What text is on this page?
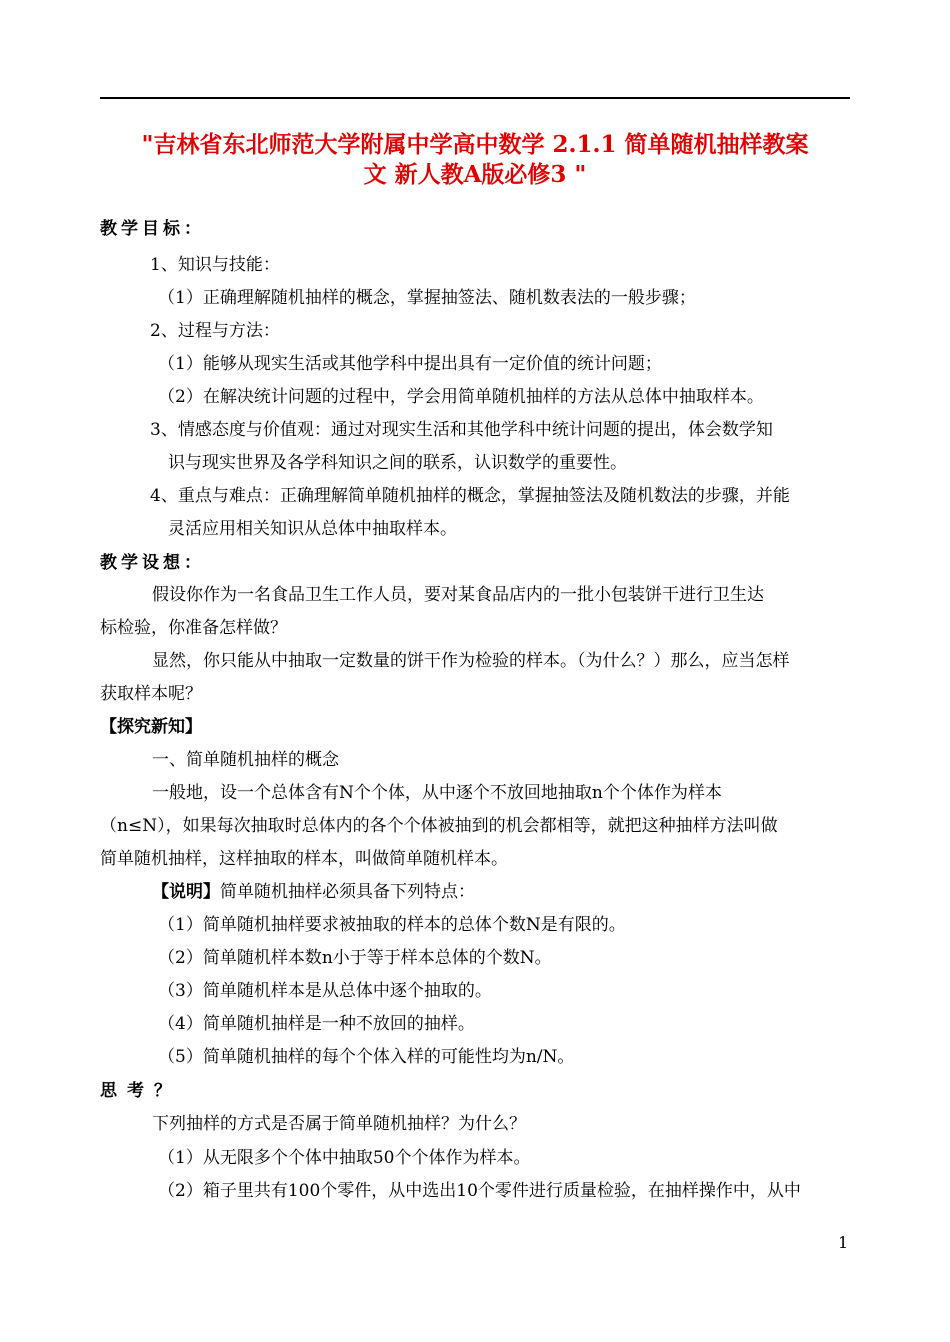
"吉林省东北师范大学附属中学高中数学 2.1.1 简单随机抽样教案
文 新人教A版必修3 "
教学目标：
1、知识与技能：
（1）正确理解随机抽样的概念，掌握抽签法、随机数表法的一般步骤；
2、过程与方法：
（1）能够从现实生活或其他学科中提出具有一定价值的统计问题；
（2）在解决统计问题的过程中，学会用简单随机抽样的方法从总体中抽取样本。
3、情感态度与价值观：通过对现实生活和其他学科中统计问题的提出，体会数学知
识与现实世界及各学科知识之间的联系，认识数学的重要性。
4、重点与难点：正确理解简单随机抽样的概念，掌握抽签法及随机数法的步骤，并能
灵活应用相关知识从总体中抽取样本。
教学设想：
假设你作为一名食品卫生工作人员，要对某食品店内的一批小包装饼干进行卫生达
标检验，你准备怎样做？
显然，你只能从中抽取一定数量的饼干作为检验的样本。（为什么？）那么，应当怎样
获取样本呢？
【探究新知】
一、简单随机抽样的概念
一般地，设一个总体含有N个个体，从中逐个不放回地抽取n个个体作为样本
（n≤N），如果每次抽取时总体内的各个个体被抽到的机会都相等，就把这种抽样方法叫做
简单随机抽样，这样抽取的样本，叫做简单随机样本。
【说明】简单随机抽样必须具备下列特点：
（1）简单随机抽样要求被抽取的样本的总体个数N是有限的。
（2）简单随机样本数n小于等于样本总体的个数N。
（3）简单随机样本是从总体中逐个抽取的。
（4）简单随机抽样是一种不放回的抽样。
（5）简单随机抽样的每个个体入样的可能性均为n/N。
思考？
下列抽样的方式是否属于简单随机抽样？为什么？
（1）从无限多个个体中抽取50个个体作为样本。
（2）箱子里共有100个零件，从中选出10个零件进行质量检验，在抽样操作中，从中
1
